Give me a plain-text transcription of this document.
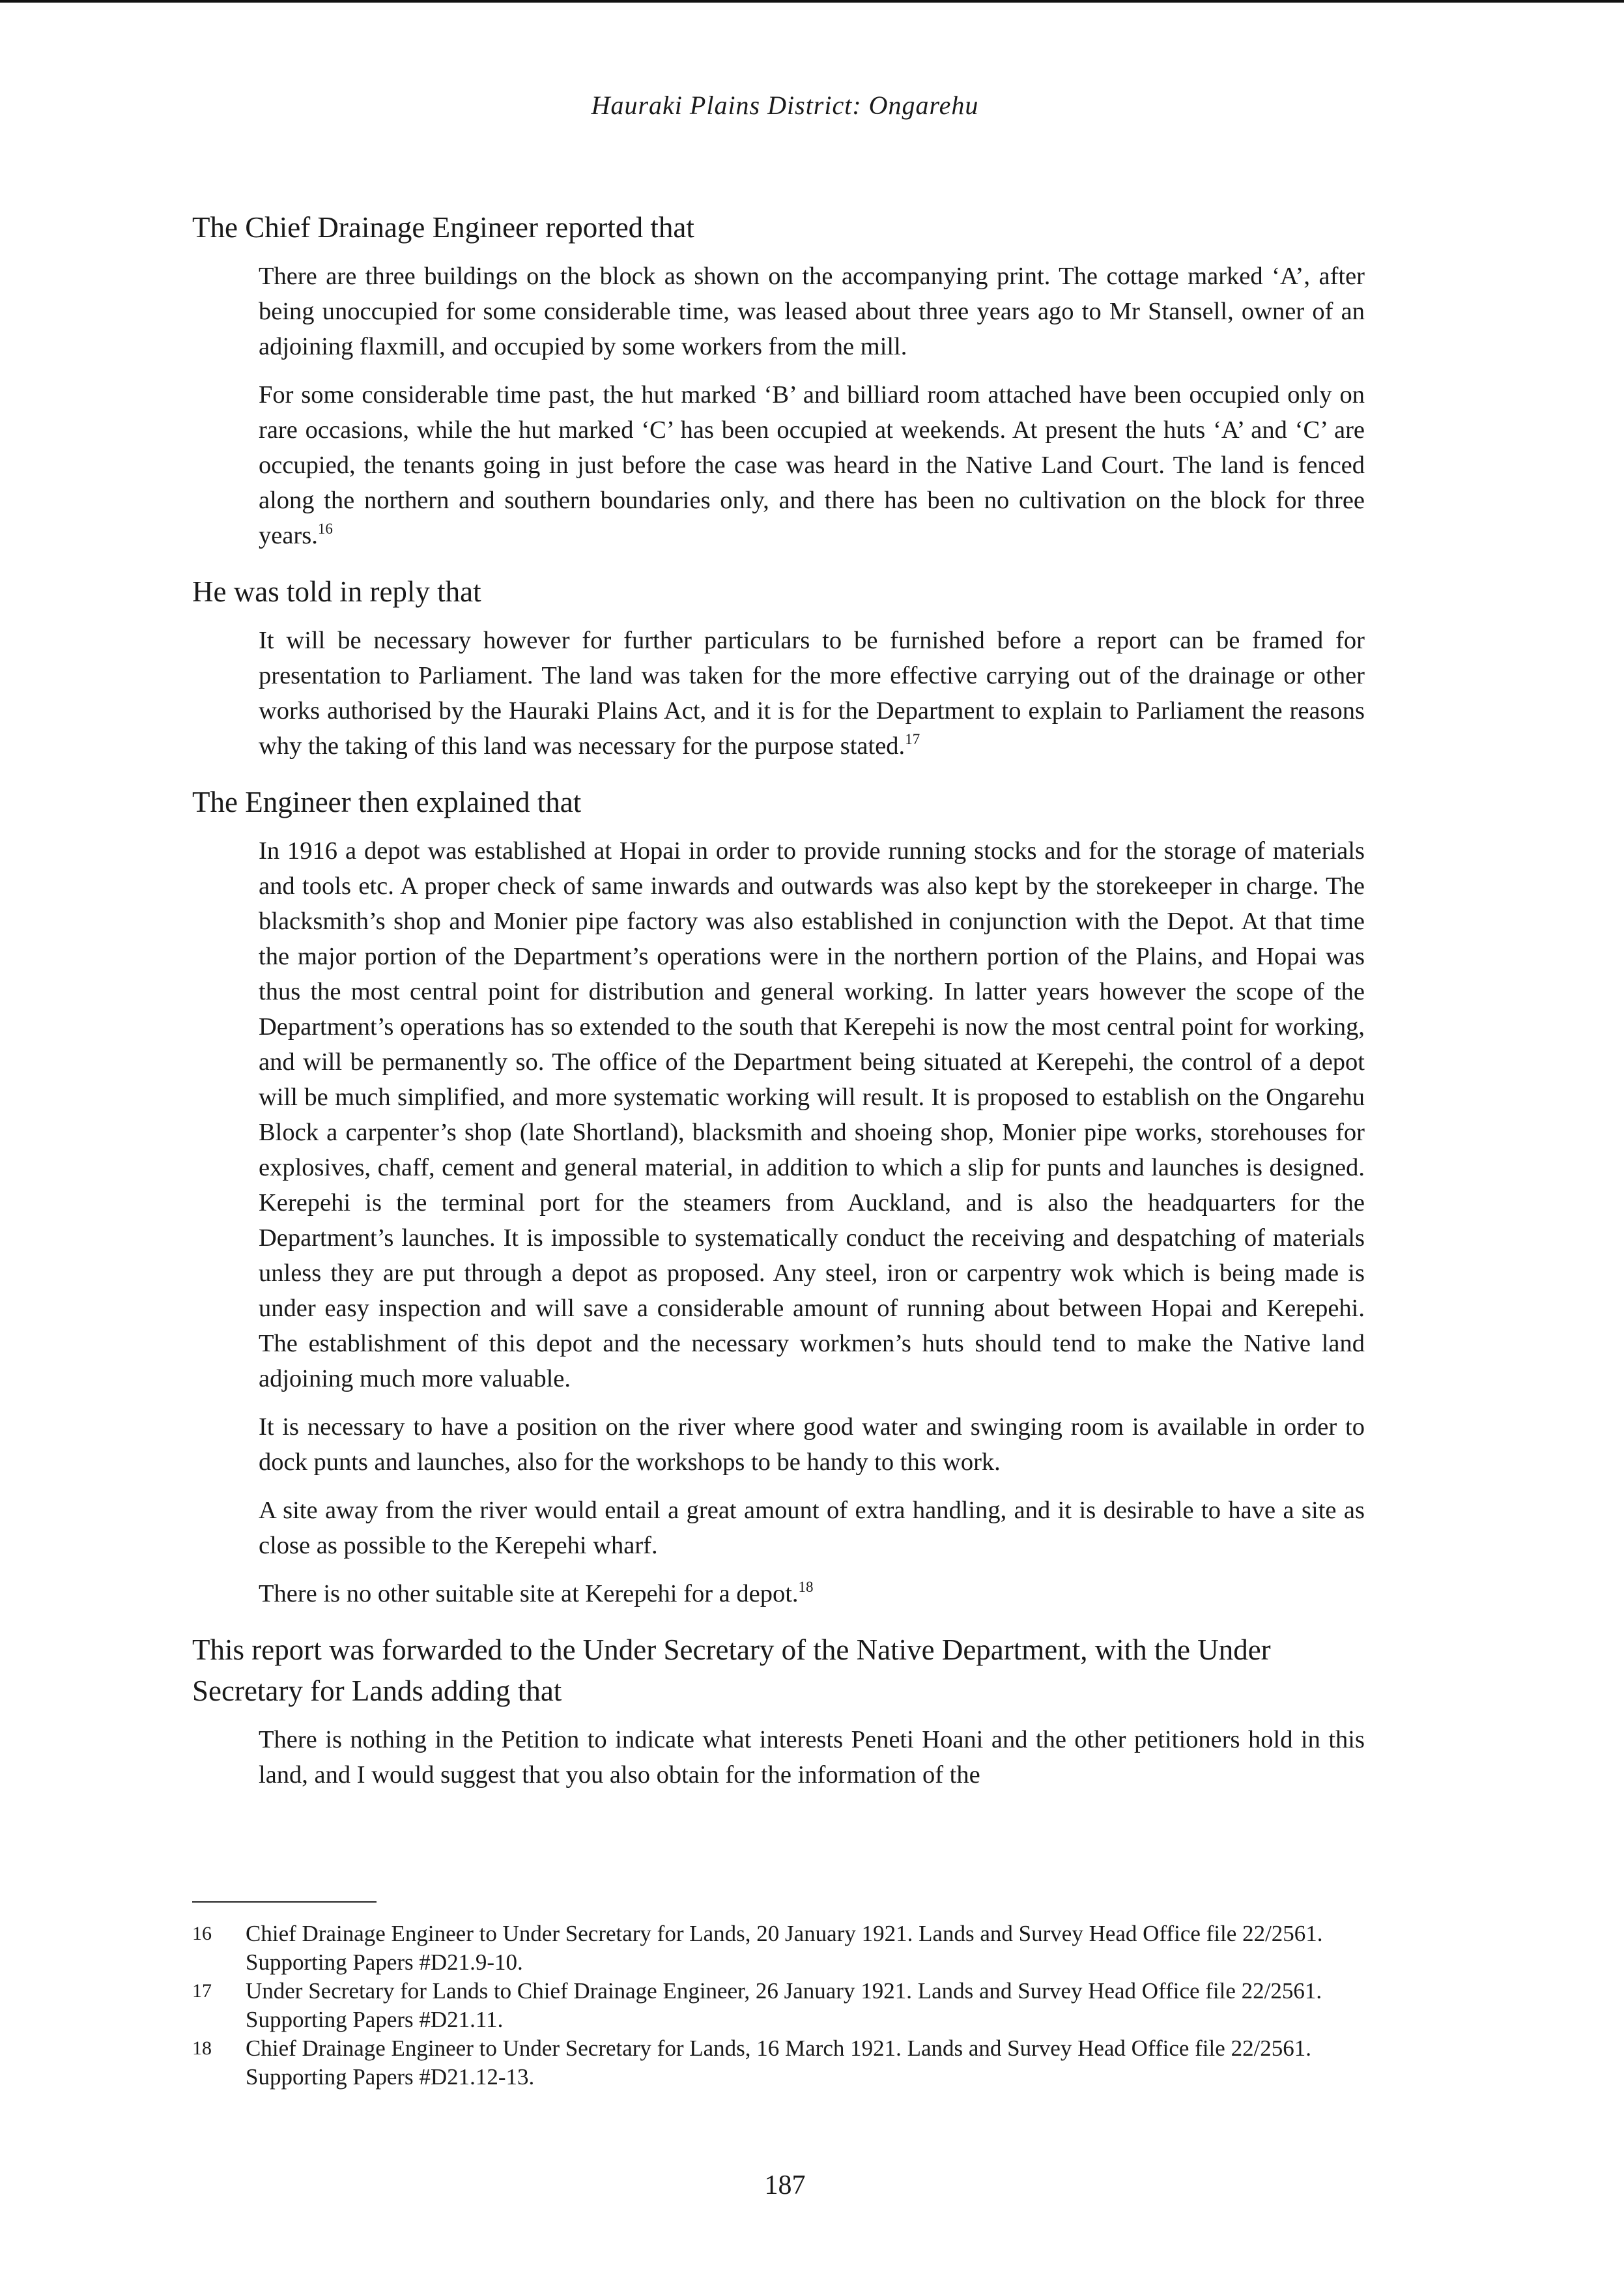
Hauraki Plains District: Ongarehu
The Chief Drainage Engineer reported that

There are three buildings on the block as shown on the accompanying print. The cottage marked ‘A’, after being unoccupied for some considerable time, was leased about three years ago to Mr Stansell, owner of an adjoining flaxmill, and occupied by some workers from the mill.

For some considerable time past, the hut marked ‘B’ and billiard room attached have been occupied only on rare occasions, while the hut marked ‘C’ has been occupied at weekends. At present the huts ‘A’ and ‘C’ are occupied, the tenants going in just before the case was heard in the Native Land Court. The land is fenced along the northern and southern boundaries only, and there has been no cultivation on the block for three years.$^{16}$

He was told in reply that

It will be necessary however for further particulars to be furnished before a report can be framed for presentation to Parliament. The land was taken for the more effective carrying out of the drainage or other works authorised by the Hauraki Plains Act, and it is for the Department to explain to Parliament the reasons why the taking of this land was necessary for the purpose stated.$^{17}$

The Engineer then explained that

In 1916 a depot was established at Hopai in order to provide running stocks and for the storage of materials and tools etc. A proper check of same inwards and outwards was also kept by the storekeeper in charge. The blacksmith’s shop and Monier pipe factory was also established in conjunction with the Depot. At that time the major portion of the Department’s operations were in the northern portion of the Plains, and Hopai was thus the most central point for distribution and general working. In latter years however the scope of the Department’s operations has so extended to the south that Kerepehi is now the most central point for working, and will be permanently so. The office of the Department being situated at Kerepehi, the control of a depot will be much simplified, and more systematic working will result. It is proposed to establish on the Ongarehu Block a carpenter’s shop (late Shortland), blacksmith and shoeing shop, Monier pipe works, storehouses for explosives, chaff, cement and general material, in addition to which a slip for punts and launches is designed. Kerepehi is the terminal port for the steamers from Auckland, and is also the headquarters for the Department’s launches. It is impossible to systematically conduct the receiving and despatching of materials unless they are put through a depot as proposed. Any steel, iron or carpentry wok which is being made is under easy inspection and will save a considerable amount of running about between Hopai and Kerepehi. The establishment of this depot and the necessary workmen’s huts should tend to make the Native land adjoining much more valuable.

It is necessary to have a position on the river where good water and swinging room is available in order to dock punts and launches, also for the workshops to be handy to this work.

A site away from the river would entail a great amount of extra handling, and it is desirable to have a site as close as possible to the Kerepehi wharf.

There is no other suitable site at Kerepehi for a depot.$^{18}$

This report was forwarded to the Under Secretary of the Native Department, with the Under Secretary for Lands adding that

There is nothing in the Petition to indicate what interests Peneti Hoani and the other petitioners hold in this land, and I would suggest that you also obtain for the information of the

16	Chief Drainage Engineer to Under Secretary for Lands, 20 January 1921. Lands and Survey Head Office file 22/2561. Supporting Papers #D21.9-10.
17	Under Secretary for Lands to Chief Drainage Engineer, 26 January 1921. Lands and Survey Head Office file 22/2561. Supporting Papers #D21.11.
18	Chief Drainage Engineer to Under Secretary for Lands, 16 March 1921. Lands and Survey Head Office file 22/2561. Supporting Papers #D21.12-13.
187
